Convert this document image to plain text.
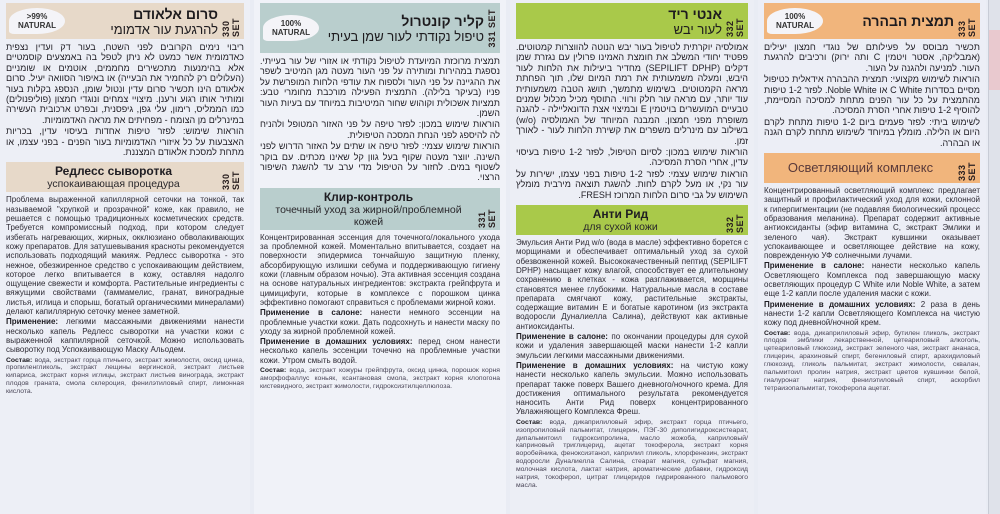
>99% NATURAL
סרום אלאודם
להרגעת עור אדמומי 330 SET

ריבוי נימים הקרובים לפני השטח, בעור דק ועדין נצפית כאדמומית אשר כמעט לא ניתן לטפל בה באמצעים קוסמטיים אלא בהימנעות מתכשירים מחממים, אוטמים או שומניים (העלולים רק להחמיר את הבעייה) או באיפור הסוואה יעיל. סרום אלאודם הינו תכשיר סרום עדין ונטול שומן, הנספג בקלות בעור ומותיר אותו רגוע ורענן. מיצויי צמחים ונוגדי חמצון (פוליפנולים) כמו הממליס, רימון, עלי גפן, גיפסנית, ובפרט ארכובית העשירה במינרלים מן הצומח - מפחיתים את מראה האדמומיות.

הוראות שימוש: לפזר טיפות אחדות בעיסוי עדין, בכריות האצבעות על כל איזורי האדמומיות בעור הפנים - בפני עצמו, או מתחת למסכת אלאודם המצננת.

Редлесс сыворотка
успокаивающая процедура	330 SET

Проблема выраженной капиллярной сеточки на тонкой, так называемой "хрупкой и прозрачной" коже, как правило, не решается с помощью традиционных косметических средств. Требуется компромиссный подход, при котором следует избегать нагревающих, жирных, окклюзиано обволакивающих кожу препаратов. Для затушевывания красноты рекомендуется использовать подходящий макияж. Редлесс сыворотка - это нежное, обезжиренное средство с успокаивающим действием, которое легко впитывается в кожу, оставляя надолго ощущение свежести и комфорта. Растительные ингредиенты с вяжущими свойствами (гаммамелис, гранат, виноградные листья, иглица и спорыш, богатый органическими минералами) делают капиллярную сеточку менее заметной.

Применение: легкими массажными движениями нанести несколько капель Редлесс сыворотки на участки кожи с выраженной каппилярной сеточкой. Можно использовать сыворотку под Успокаивающую Маску Альодем.

Состав: вода, экстракт горца птичьего, экстракт жимолости, оксид цинка, пропиленгликоль, экстракт лещины вергинской, экстракт листьев кипариса, экстракт корня иглицы, экстракт листьев винограда, экстракт плодов граната, смола склероция, фенилэтиловый спирт, лимонная кислота.

100% NATURAL
קליר קונטרול
טיפול נקודתי לעור שמן בעיתי 331 SET

תמצית מרוכזת המיועדת לטיפול נקודתי או אזורי של עור בעייתי. נספגת במהירות ומותירה על פני העור מעטה מגן המיטיב לשפר את ההגיינה על פני העור ולספוח את עודפי הלחות המופרשת על פניו (בעיקר בלילה). התמצית הפעילה מורכבת מחומרי טבע: תמציות אשכולית וקוהוש שחור המיטיבות במיוחד עם בעיות העור השמן.

הוראות שימוש במכון: לפזר טיפה על פני האזור המטופל ולהניח לה להיספג לפני הנחת המסכה הטיפולית.

הוראות שימוש עצמי: לפזר טיפה או שתים על האזור הדרוש לפני השינה. יווצר מעטה שקוף בעל גוון קל שאינו מכתים. עם בוקר לשטוף במים. לחזור על הטיפול מדי ערב עד להשגת השיפור הרצוי.

Клир-контроль
точечный уход за жирной/проблемной кожей	331 SET

Концентрированная эссенция для точечного/локального ухода за проблемной кожей. Моментально впитывается, создает на поверхности эпидермиса тончайшую защитную пленку, абсорбирующую излишки себума и поддерживающую гигиену кожи (главным образом ночью). Эта активная эссенция создана на основе натуральных ингредиентов: экстракта грейпфрута и цимицифуги, которые в комплексе с порошком цинка эффективно помогают справиться с проблемами жирной кожи.

Применение в салоне: нанести немного эссенции на проблемные участки кожи. Дать подсохнуть и нанести маску по уходу за жирной проблемной кожей.

Применение в домашних условиях: перед сном нанести несколько капель эссенции точечно на проблемные участки кожи. Утром смыть водой.

Состав: вода, экстракт кожуры грейпфрута, оксид цинка, порошок корня аморфофаллус коньяк, ксантановая смола, экстракт корня клопогона кистевидного, экстракт жимолости, гидроксиэтилцеллюлоза.

אנטי ריד
לעור יבש 332 SET

אמולסיה יוקרתית לטיפול בעור יבש הנוטה להווצרות קמטוטים. פפטיד יחודי המשלב את חומצת האמינו פרולין עם נגזרת שמן דקלים (SEPILIFT DPHP) מחדיר ביעילות את הלחות לעור היבש, ומעלה משמעותית את רמת המיום שלו, תוך הפחתת מראה הקמטוטים. בשימוש מתמשך, תושג הטבה משמעותית עוד יותר, עם מראה עור חלק ורווי. התוסף מכיל מכלול שמנים טבעיים המועשרים בויטמין E ובמיצוי אצת הדונאליילה - להגנה משופרת מפני חמצון. המבנה המיוחד של האמולסיה (w/o) בשילוב עם מינרלים משפרים את קשירת הלחות לעור - לאורך זמן.

הוראות שימוש במכון: לסיום הטיפול, לפזר 1-2 טיפות בעיסוי עדין, אחרי הסרת המסיכה.

הוראות שימוש עצמי: לפזר 1-2 טיפות בפני עצמו, ישירות על עור נקי, או מעל לקרם לחות. להשגת תוצאה מירבית מומלץ השימוש על גבי סרום הלחות המרוכז FRESH.

Анти Рид
для сухой кожи	332 SET

Эмульсия Анти Рид w/o (вода в масле) эффективно борется с морщинами и обеспечивает оптимальный уход за сухой обезвоженной кожей. Высококачественный пептид (SEPILIFT DPHP) насыщает кожу влагой, способствует ее длительному сохранению в клетках - кожа разглаживается, морщины становятся менее глубокими. Натуральные масла в составе препарата смягчают кожу, растительные экстракты, содержащие витамин Е и богатые каротином (из экстракта водоросли Дуналиелла Салина), действуют как активные антиоксиданты.

Применение в салоне: по окончании процедуры для сухой кожи и удаления завершающей маски нанести 1-2 капли эмульсии легкими массажными движениями.

Применение в домашних условиях: на чистую кожу нанести несколько капель эмульсии. Можно использовать препарат также поверх Вашего дневного/ночного крема. Для достижения оптимального результата рекомендуется наносить Анти Рид поверх концентрированного Увлажняющего Комплекса Фреш.

Состав: вода, дикаприлиловый эфир, экстракт горца птичьего, изопропиловый пальмитат, глицерин, ПЭГ-30 диполигидроксистеарат, дипальмитоил гидроксипролина, масло жожоба, каприловый/каприновый триглицерид, ацетат токоферола, экстракт корня воробейника, феноксиэтанол, каприлил гликоль, хлорфенезин, экстракт водоросли Дуналиелла Салина, стеарат магния, сульфат магния, молочная кислота, лактат натрия, ароматические добавки, гидроксид натрия, токоферол, цитрат глицеридов гидрированного пальмового масла.

100% NATURAL	תמצית הבהרה 333 SET

תכשיר מבוסס על פעילותם של נוגדי חמצון יעילים (אמבליקה, אסטר ויטמין C ותה ירוק) ורכיבים להרגעת העור. למניעה ולהגנה על העור.

הוראות לשימוש מקצועי: תמצית ההבהרה אידאלית כטיפול מסיים בסדרות C White או Noble White. לפזר 1-2 טיפות מהתמצית על כל עור הפנים מתחת למסיכה המסיימת, להוסיף 1-2 טיפות אחרי הסרת המסיכה.

לשימוש ביתי: לפזר פעמים ביום 1-2 טיפות מתחת לקרם היום או הלילה. מומלץ במיוחד לשימוש מתחת לקרם הגנה או הבהרה.

Осветляющий комплекс	333 SET

Концентрированный осветляющий комплекс предлагает защитный и профилактический уход для кожи, склонной к гиперпигментации (не подавляя биологический процесс образования меланина). Препарат содержит активные антиоксиданты (эфир витамина С, экстракт Эмлики и зеленого чая). Экстракт кувшинки оказывает успокаивающее и осветляющее действие на кожу, поврежденную УФ солнечными лучами.

Применение в салоне: нанести несколько капель Осветляющего Комплекса под завершающую маску осветляющих процедур C White или Noble White, а затем еще 1-2 капли после удаления маски с кожи.

Применение в домашних условиях: 2 раза в день нанести 1-2 капли Осветляющего Комплекса на чистую кожу под дневной/ночной крем.

Состав: вода, дикаприлиловый эфир, бутилен гликоль, экстракт плодов эмблики лекарственной, цетеариловый алкоголь, цетеариловый глюкозид, экстракт зеленого чая, экстракт ананаса, глицерин, арахиновый спирт, бегениловый спирт, арахидиловый глюкозид, гликоль пальмитат, экстракт жимолости, сквалан, пальмитоил пролин натрия, экстракт цветов кувшинки белой, гиалуронат натрия, фенилэтиловый спирт, аскорбил тетраизопальмитат, токоферола ацетат.
